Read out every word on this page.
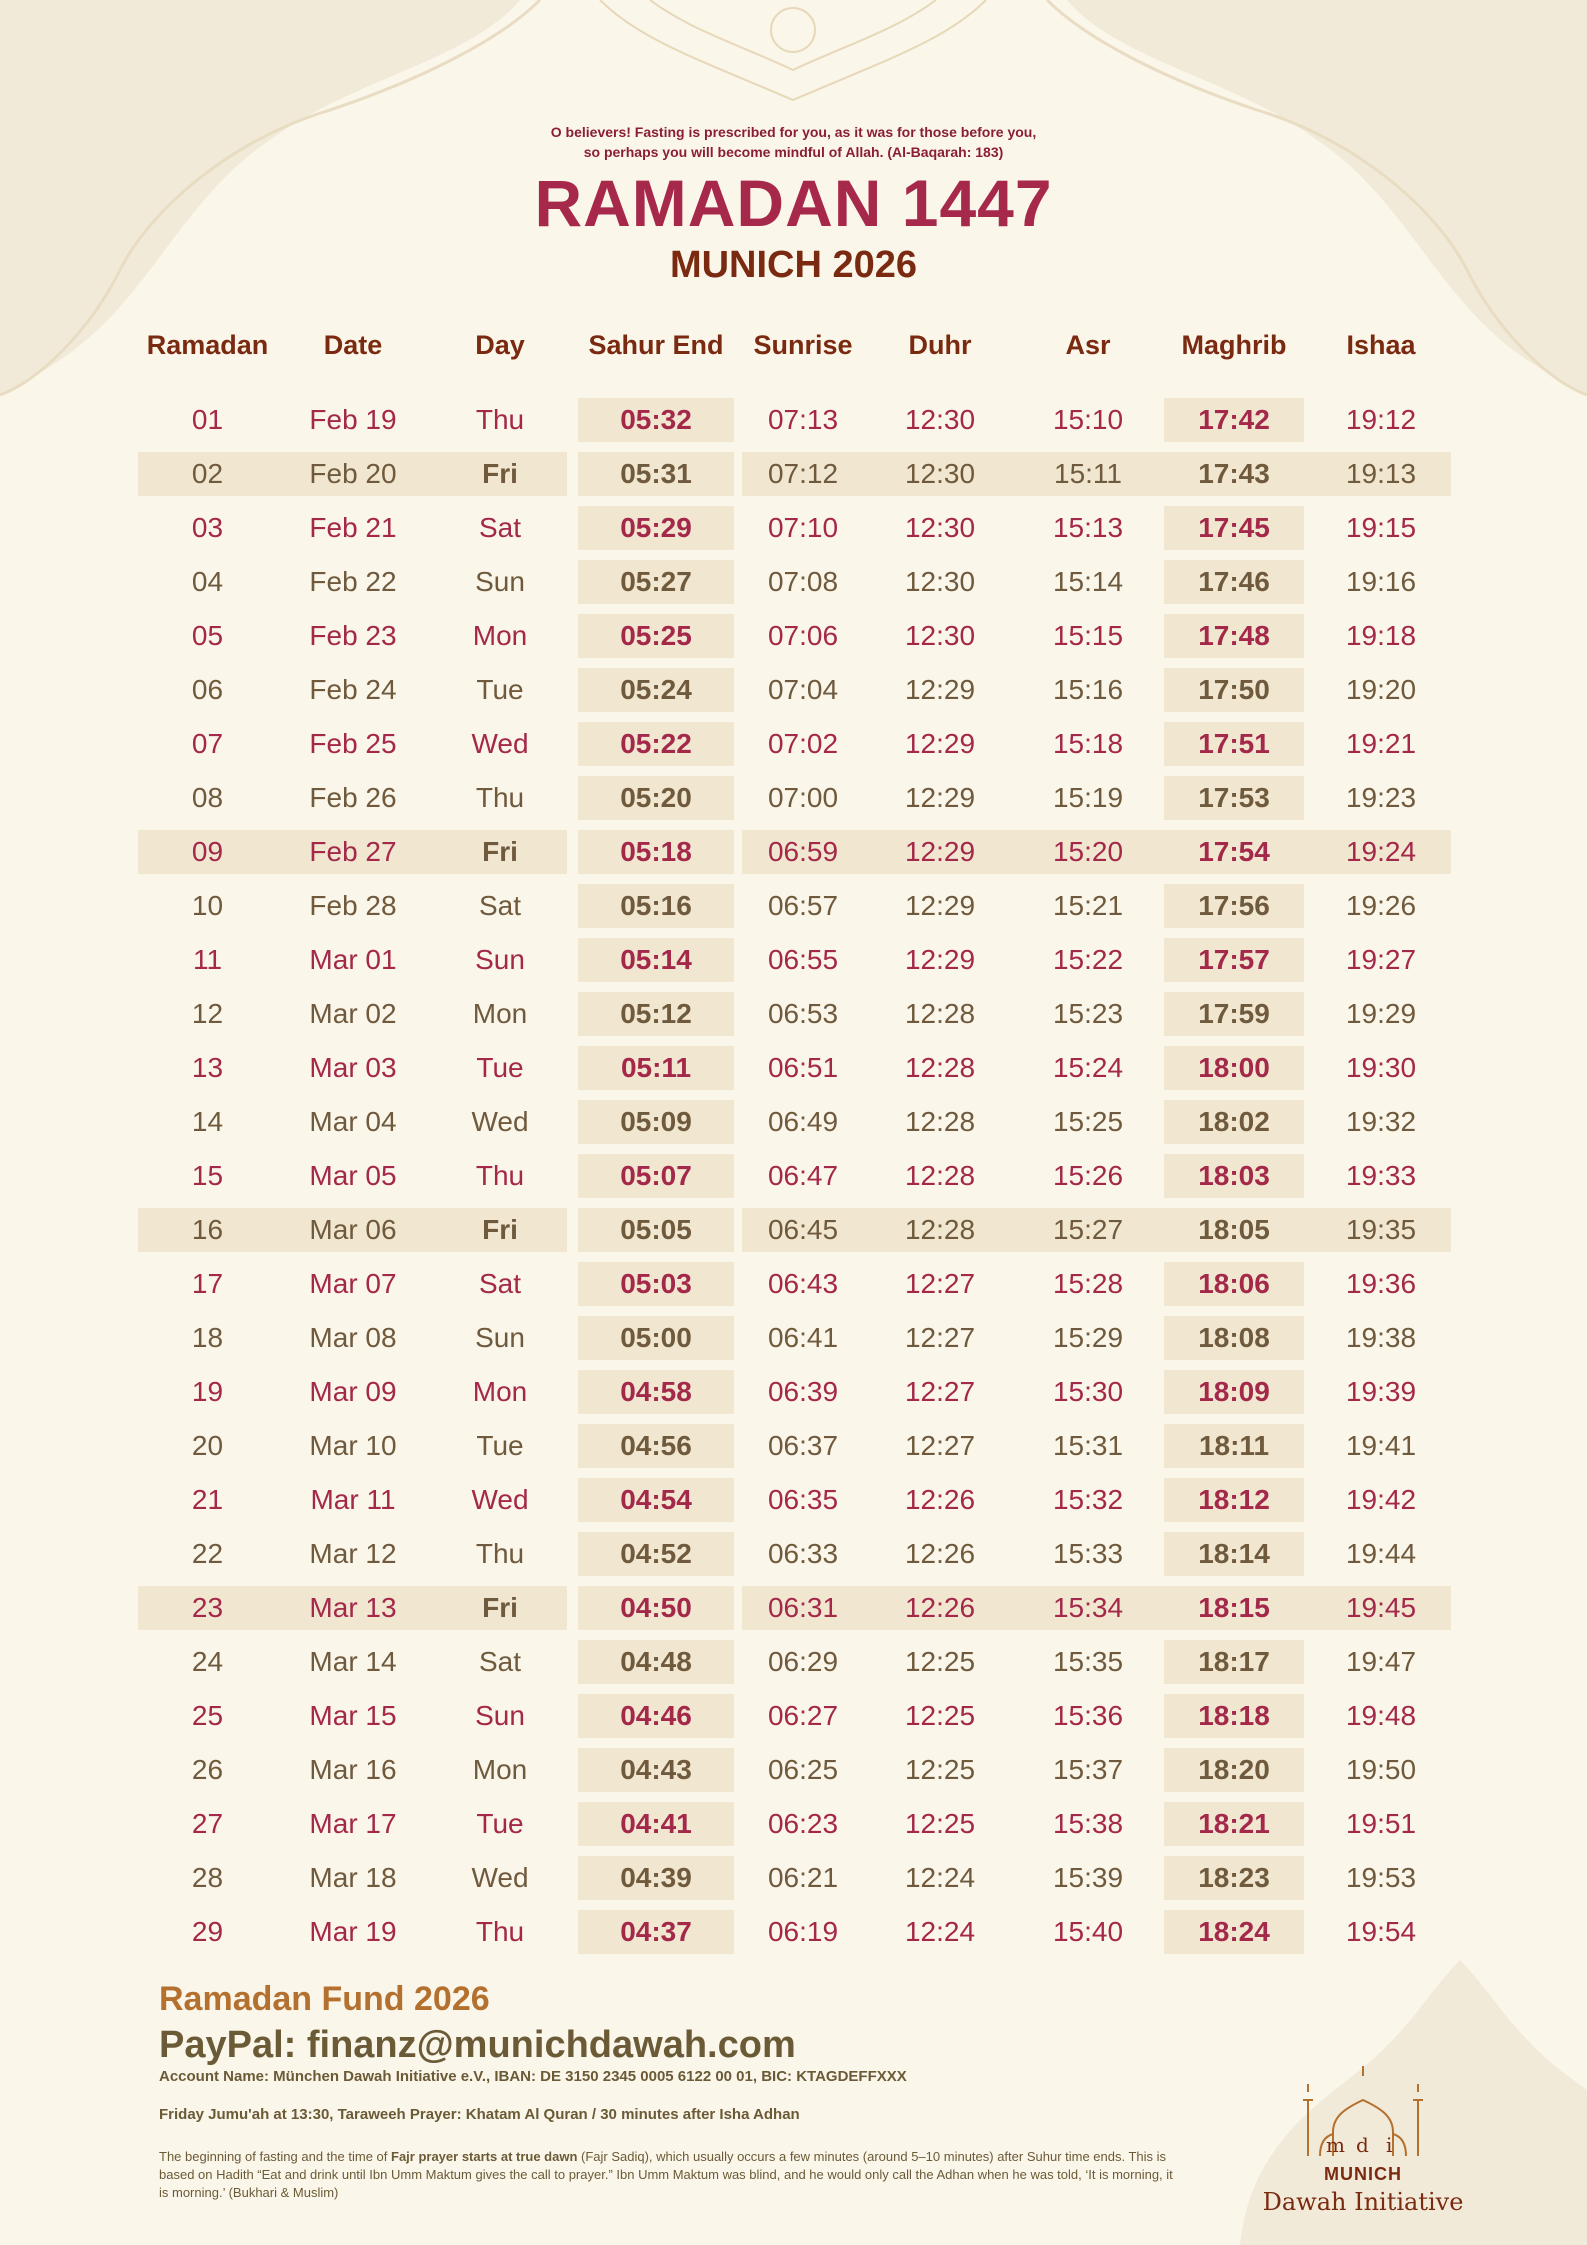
O believers! Fasting is prescribed for you, as it was for those before you,
so perhaps you will become mindful of Allah. (Al-Baqarah: 183)
RAMADAN 1447
MUNICH 2026
Ramadan	Date	Day	Sahur End	Sunrise	Duhr	Asr	Maghrib	Ishaa
01	Feb 19	Thu	05:32	07:13	12:30	15:10	17:42	19:12
02	Feb 20	Fri	05:31	07:12	12:30	15:11	17:43	19:13
03	Feb 21	Sat	05:29	07:10	12:30	15:13	17:45	19:15
04	Feb 22	Sun	05:27	07:08	12:30	15:14	17:46	19:16
05	Feb 23	Mon	05:25	07:06	12:30	15:15	17:48	19:18
06	Feb 24	Tue	05:24	07:04	12:29	15:16	17:50	19:20
07	Feb 25	Wed	05:22	07:02	12:29	15:18	17:51	19:21
08	Feb 26	Thu	05:20	07:00	12:29	15:19	17:53	19:23
09	Feb 27	Fri	05:18	06:59	12:29	15:20	17:54	19:24
10	Feb 28	Sat	05:16	06:57	12:29	15:21	17:56	19:26
11	Mar 01	Sun	05:14	06:55	12:29	15:22	17:57	19:27
12	Mar 02	Mon	05:12	06:53	12:28	15:23	17:59	19:29
13	Mar 03	Tue	05:11	06:51	12:28	15:24	18:00	19:30
14	Mar 04	Wed	05:09	06:49	12:28	15:25	18:02	19:32
15	Mar 05	Thu	05:07	06:47	12:28	15:26	18:03	19:33
16	Mar 06	Fri	05:05	06:45	12:28	15:27	18:05	19:35
17	Mar 07	Sat	05:03	06:43	12:27	15:28	18:06	19:36
18	Mar 08	Sun	05:00	06:41	12:27	15:29	18:08	19:38
19	Mar 09	Mon	04:58	06:39	12:27	15:30	18:09	19:39
20	Mar 10	Tue	04:56	06:37	12:27	15:31	18:11	19:41
21	Mar 11	Wed	04:54	06:35	12:26	15:32	18:12	19:42
22	Mar 12	Thu	04:52	06:33	12:26	15:33	18:14	19:44
23	Mar 13	Fri	04:50	06:31	12:26	15:34	18:15	19:45
24	Mar 14	Sat	04:48	06:29	12:25	15:35	18:17	19:47
25	Mar 15	Sun	04:46	06:27	12:25	15:36	18:18	19:48
26	Mar 16	Mon	04:43	06:25	12:25	15:37	18:20	19:50
27	Mar 17	Tue	04:41	06:23	12:25	15:38	18:21	19:51
28	Mar 18	Wed	04:39	06:21	12:24	15:39	18:23	19:53
29	Mar 19	Thu	04:37	06:19	12:24	15:40	18:24	19:54
Ramadan Fund 2026
PayPal: finanz@munichdawah.com
Account Name: München Dawah Initiative e.V., IBAN: DE 3150 2345 0005 6122 00 01, BIC: KTAGDEFFXXX
Friday Jumu'ah at 13:30, Taraweeh Prayer: Khatam Al Quran / 30 minutes after Isha Adhan
The beginning of fasting and the time of Fajr prayer starts at true dawn (Fajr Sadiq), which usually occurs a few minutes (around 5–10 minutes) after Suhur time ends. This is based on Hadith “Eat and drink until Ibn Umm Maktum gives the call to prayer.” Ibn Umm Maktum was blind, and he would only call the Adhan when he was told, ‘It is morning, it is morning.’ (Bukhari & Muslim)
m d i
MUNICH
Dawah Initiative
